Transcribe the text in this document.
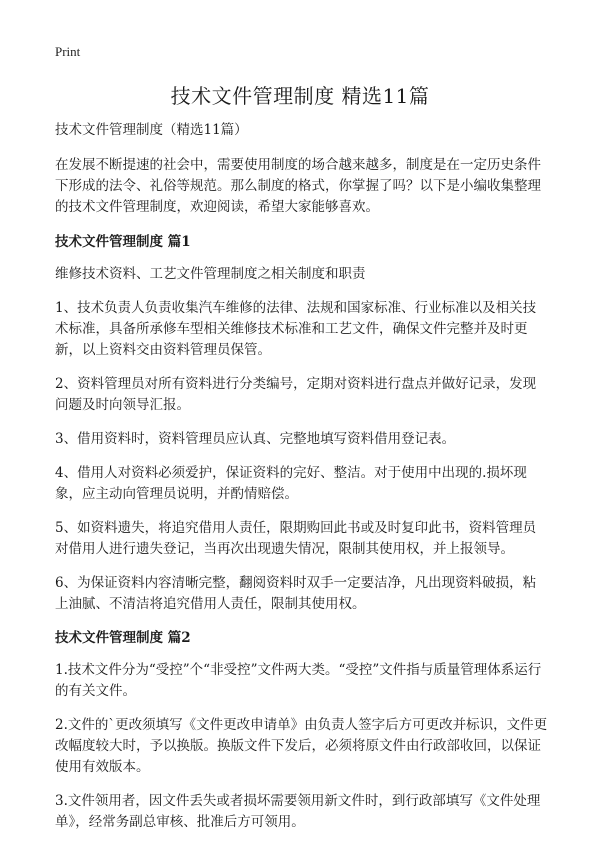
Print
技术文件管理制度 精选11篇

技术文件管理制度（精选11篇）

在发展不断提速的社会中，需要使用制度的场合越来越多，制度是在一定历史条件下形成的法令、礼俗等规范。那么制度的格式，你掌握了吗？以下是小编收集整理的技术文件管理制度，欢迎阅读，希望大家能够喜欢。

技术文件管理制度 篇1

维修技术资料、工艺文件管理制度之相关制度和职责

1、技术负责人负责收集汽车维修的法律、法规和国家标准、行业标准以及相关技术标准，具备所承修车型相关维修技术标准和工艺文件，确保文件完整并及时更新，以上资料交由资料管理员保管。

2、资料管理员对所有资料进行分类编号，定期对资料进行盘点并做好记录，发现问题及时向领导汇报。

3、借用资料时，资料管理员应认真、完整地填写资料借用登记表。

4、借用人对资料必须爱护，保证资料的完好、整洁。对于使用中出现的.损坏现象，应主动向管理员说明，并酌情赔偿。

5、如资料遗失，将追究借用人责任，限期购回此书或及时复印此书，资料管理员对借用人进行遗失登记，当再次出现遗失情况，限制其使用权，并上报领导。

6、为保证资料内容清晰完整，翻阅资料时双手一定要洁净，凡出现资料破损，粘上油腻、不清洁将追究借用人责任，限制其使用权。

技术文件管理制度 篇2

1.技术文件分为“受控”个“非受控”文件两大类。“受控”文件指与质量管理体系运行的有关文件。

2.文件的`更改须填写《文件更改申请单》由负责人签字后方可更改并标识，文件更改幅度较大时，予以换版。换版文件下发后，必须将原文件由行政部收回，以保证使用有效版本。

3.文件领用者，因文件丢失或者损坏需要领用新文件时，到行政部填写《文件处理单》，经常务副总审核、批准后方可领用。
